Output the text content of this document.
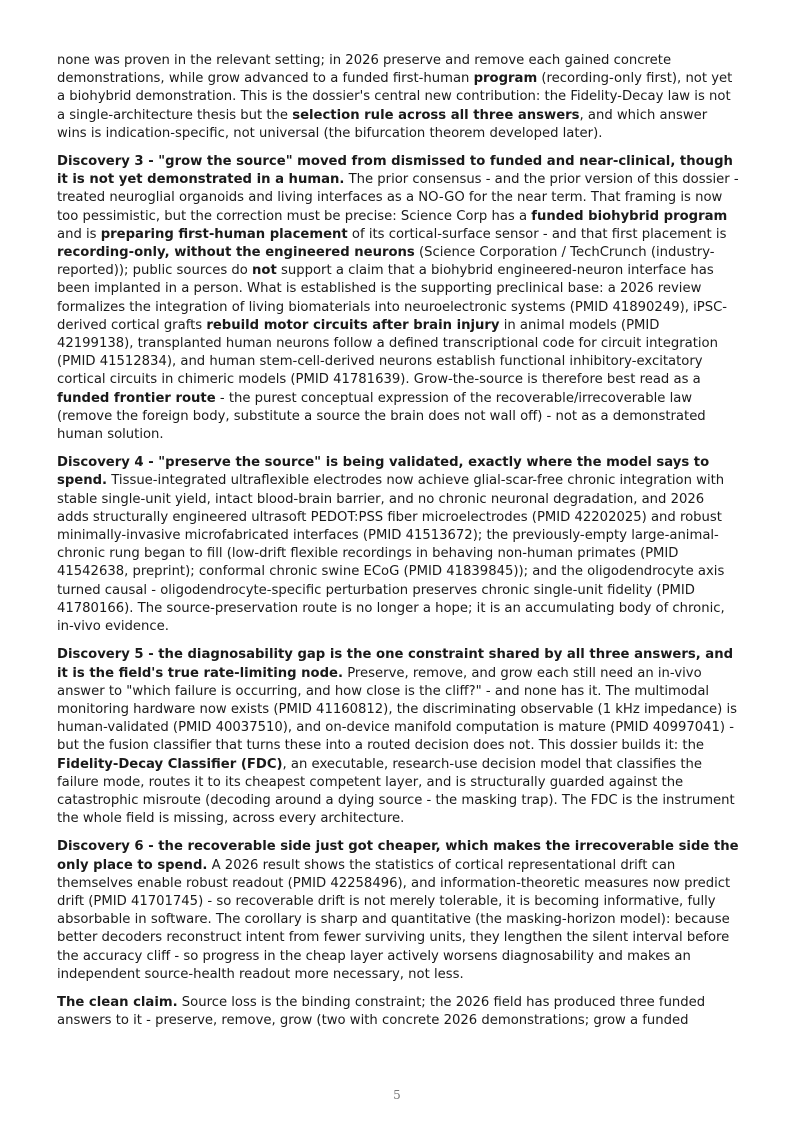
none was proven in the relevant setting; in 2026 preserve and remove each gained concrete demonstrations, while grow advanced to a funded first-human program (recording-only first), not yet a biohybrid demonstration. This is the dossier's central new contribution: the Fidelity-Decay law is not a single-architecture thesis but the selection rule across all three answers, and which answer wins is indication-specific, not universal (the bifurcation theorem developed later).

Discovery 3 - "grow the source" moved from dismissed to funded and near-clinical, though it is not yet demonstrated in a human. The prior consensus - and the prior version of this dossier - treated neuroglial organoids and living interfaces as a NO-GO for the near term. That framing is now too pessimistic, but the correction must be precise: Science Corp has a funded biohybrid program and is preparing first-human placement of its cortical-surface sensor - and that first placement is recording-only, without the engineered neurons (Science Corporation / TechCrunch (industry-reported)); public sources do not support a claim that a biohybrid engineered-neuron interface has been implanted in a person. What is established is the supporting preclinical base: a 2026 review formalizes the integration of living biomaterials into neuroelectronic systems (PMID 41890249), iPSC-derived cortical grafts rebuild motor circuits after brain injury in animal models (PMID 42199138), transplanted human neurons follow a defined transcriptional code for circuit integration (PMID 41512834), and human stem-cell-derived neurons establish functional inhibitory-excitatory cortical circuits in chimeric models (PMID 41781639). Grow-the-source is therefore best read as a funded frontier route - the purest conceptual expression of the recoverable/irrecoverable law (remove the foreign body, substitute a source the brain does not wall off) - not as a demonstrated human solution.

Discovery 4 - "preserve the source" is being validated, exactly where the model says to spend. Tissue-integrated ultraflexible electrodes now achieve glial-scar-free chronic integration with stable single-unit yield, intact blood-brain barrier, and no chronic neuronal degradation, and 2026 adds structurally engineered ultrasoft PEDOT:PSS fiber microelectrodes (PMID 42202025) and robust minimally-invasive microfabricated interfaces (PMID 41513672); the previously-empty large-animal-chronic rung began to fill (low-drift flexible recordings in behaving non-human primates (PMID 41542638, preprint); conformal chronic swine ECoG (PMID 41839845)); and the oligodendrocyte axis turned causal - oligodendrocyte-specific perturbation preserves chronic single-unit fidelity (PMID 41780166). The source-preservation route is no longer a hope; it is an accumulating body of chronic, in-vivo evidence.

Discovery 5 - the diagnosability gap is the one constraint shared by all three answers, and it is the field's true rate-limiting node. Preserve, remove, and grow each still need an in-vivo answer to "which failure is occurring, and how close is the cliff?" - and none has it. The multimodal monitoring hardware now exists (PMID 41160812), the discriminating observable (1 kHz impedance) is human-validated (PMID 40037510), and on-device manifold computation is mature (PMID 40997041) - but the fusion classifier that turns these into a routed decision does not. This dossier builds it: the Fidelity-Decay Classifier (FDC), an executable, research-use decision model that classifies the failure mode, routes it to its cheapest competent layer, and is structurally guarded against the catastrophic misroute (decoding around a dying source - the masking trap). The FDC is the instrument the whole field is missing, across every architecture.

Discovery 6 - the recoverable side just got cheaper, which makes the irrecoverable side the only place to spend. A 2026 result shows the statistics of cortical representational drift can themselves enable robust readout (PMID 42258496), and information-theoretic measures now predict drift (PMID 41701745) - so recoverable drift is not merely tolerable, it is becoming informative, fully absorbable in software. The corollary is sharp and quantitative (the masking-horizon model): because better decoders reconstruct intent from fewer surviving units, they lengthen the silent interval before the accuracy cliff - so progress in the cheap layer actively worsens diagnosability and makes an independent source-health readout more necessary, not less.

The clean claim. Source loss is the binding constraint; the 2026 field has produced three funded answers to it - preserve, remove, grow (two with concrete 2026 demonstrations; grow a funded

5
